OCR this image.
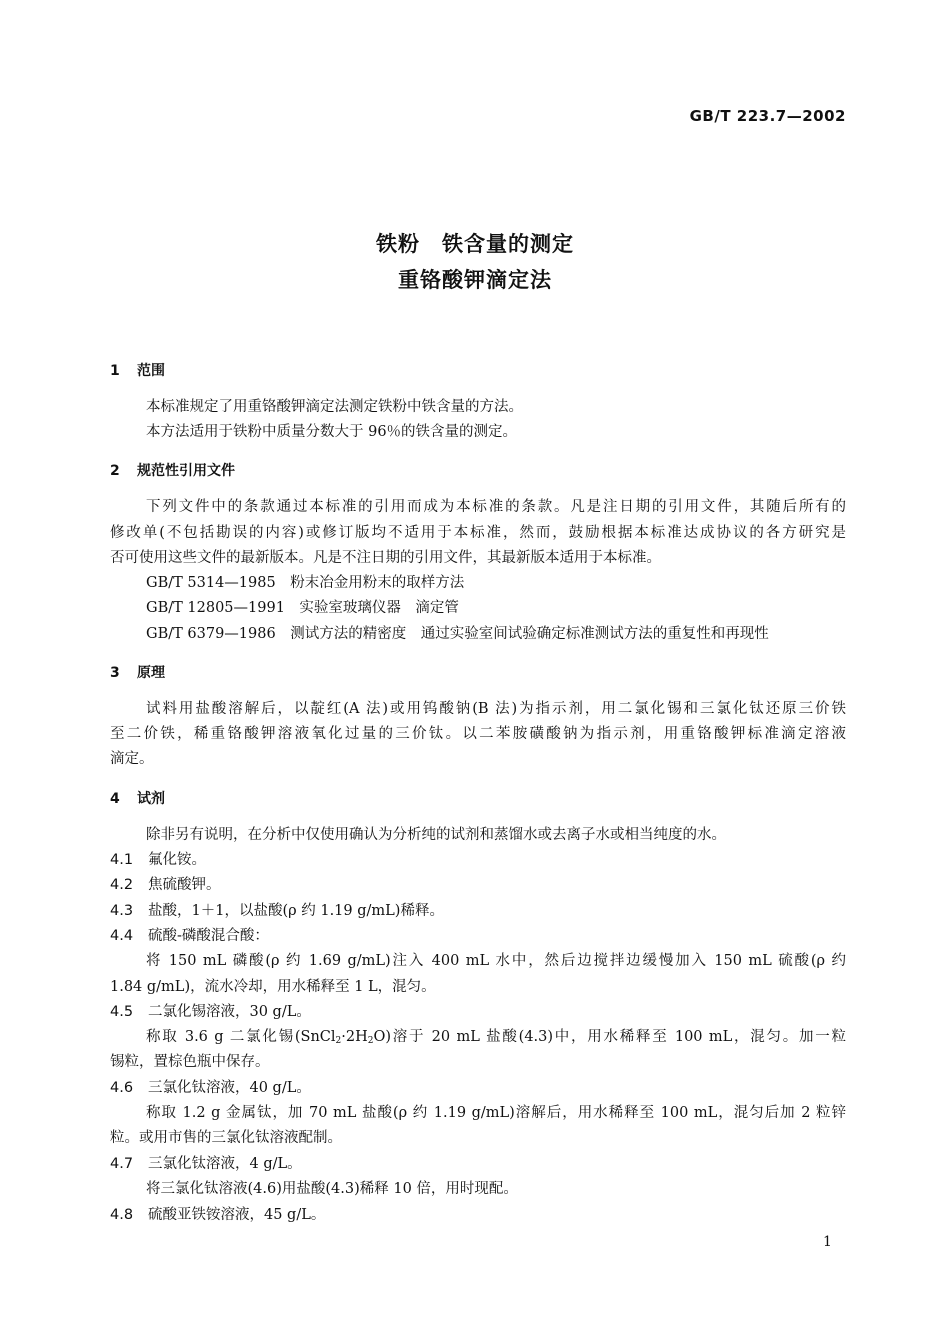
GB/T 223.7—2002
铁粉　铁含量的测定
重铬酸钾滴定法
1 范围
本标准规定了用重铬酸钾滴定法测定铁粉中铁含量的方法。
本方法适用于铁粉中质量分数大于 96％的铁含量的测定。
2 规范性引用文件
下列文件中的条款通过本标准的引用而成为本标准的条款。凡是注日期的引用文件，其随后所有的
修改单(不包括勘误的内容)或修订版均不适用于本标准，然而，鼓励根据本标准达成协议的各方研究是
否可使用这些文件的最新版本。凡是不注日期的引用文件，其最新版本适用于本标准。
GB/T 5314—1985　粉末冶金用粉末的取样方法
GB/T 12805—1991　实验室玻璃仪器　滴定管
GB/T 6379—1986　测试方法的精密度　通过实验室间试验确定标准测试方法的重复性和再现性
3 原理
试料用盐酸溶解后，以靛红(A 法)或用钨酸钠(B 法)为指示剂，用二氯化锡和三氯化钛还原三价铁
至二价铁，稀重铬酸钾溶液氧化过量的三价钛。以二苯胺磺酸钠为指示剂，用重铬酸钾标准滴定溶液
滴定。
4 试剂
除非另有说明，在分析中仅使用确认为分析纯的试剂和蒸馏水或去离子水或相当纯度的水。
4.1 氟化铵。
4.2 焦硫酸钾。
4.3 盐酸，1＋1，以盐酸(ρ 约 1.19 g/mL)稀释。
4.4 硫酸-磷酸混合酸：
将 150 mL 磷酸(ρ 约 1.69 g/mL)注入 400 mL 水中，然后边搅拌边缓慢加入 150 mL 硫酸(ρ 约
1.84 g/mL)，流水冷却，用水稀释至 1 L，混匀。
4.5 二氯化锡溶液，30 g/L。
称取 3.6 g 二氯化锡$(SnCl_2\cdot 2H_2O)$溶于 20 mL 盐酸(4.3)中，用水稀释至 100 mL，混匀。加一粒
锡粒，置棕色瓶中保存。
4.6 三氯化钛溶液，40 g/L。
称取 1.2 g 金属钛，加 70 mL 盐酸(ρ 约 1.19 g/mL)溶解后，用水稀释至 100 mL，混匀后加 2 粒锌
粒。或用市售的三氯化钛溶液配制。
4.7 三氯化钛溶液，4 g/L。
将三氯化钛溶液(4.6)用盐酸(4.3)稀释 10 倍，用时现配。
4.8 硫酸亚铁铵溶液，45 g/L。
1
